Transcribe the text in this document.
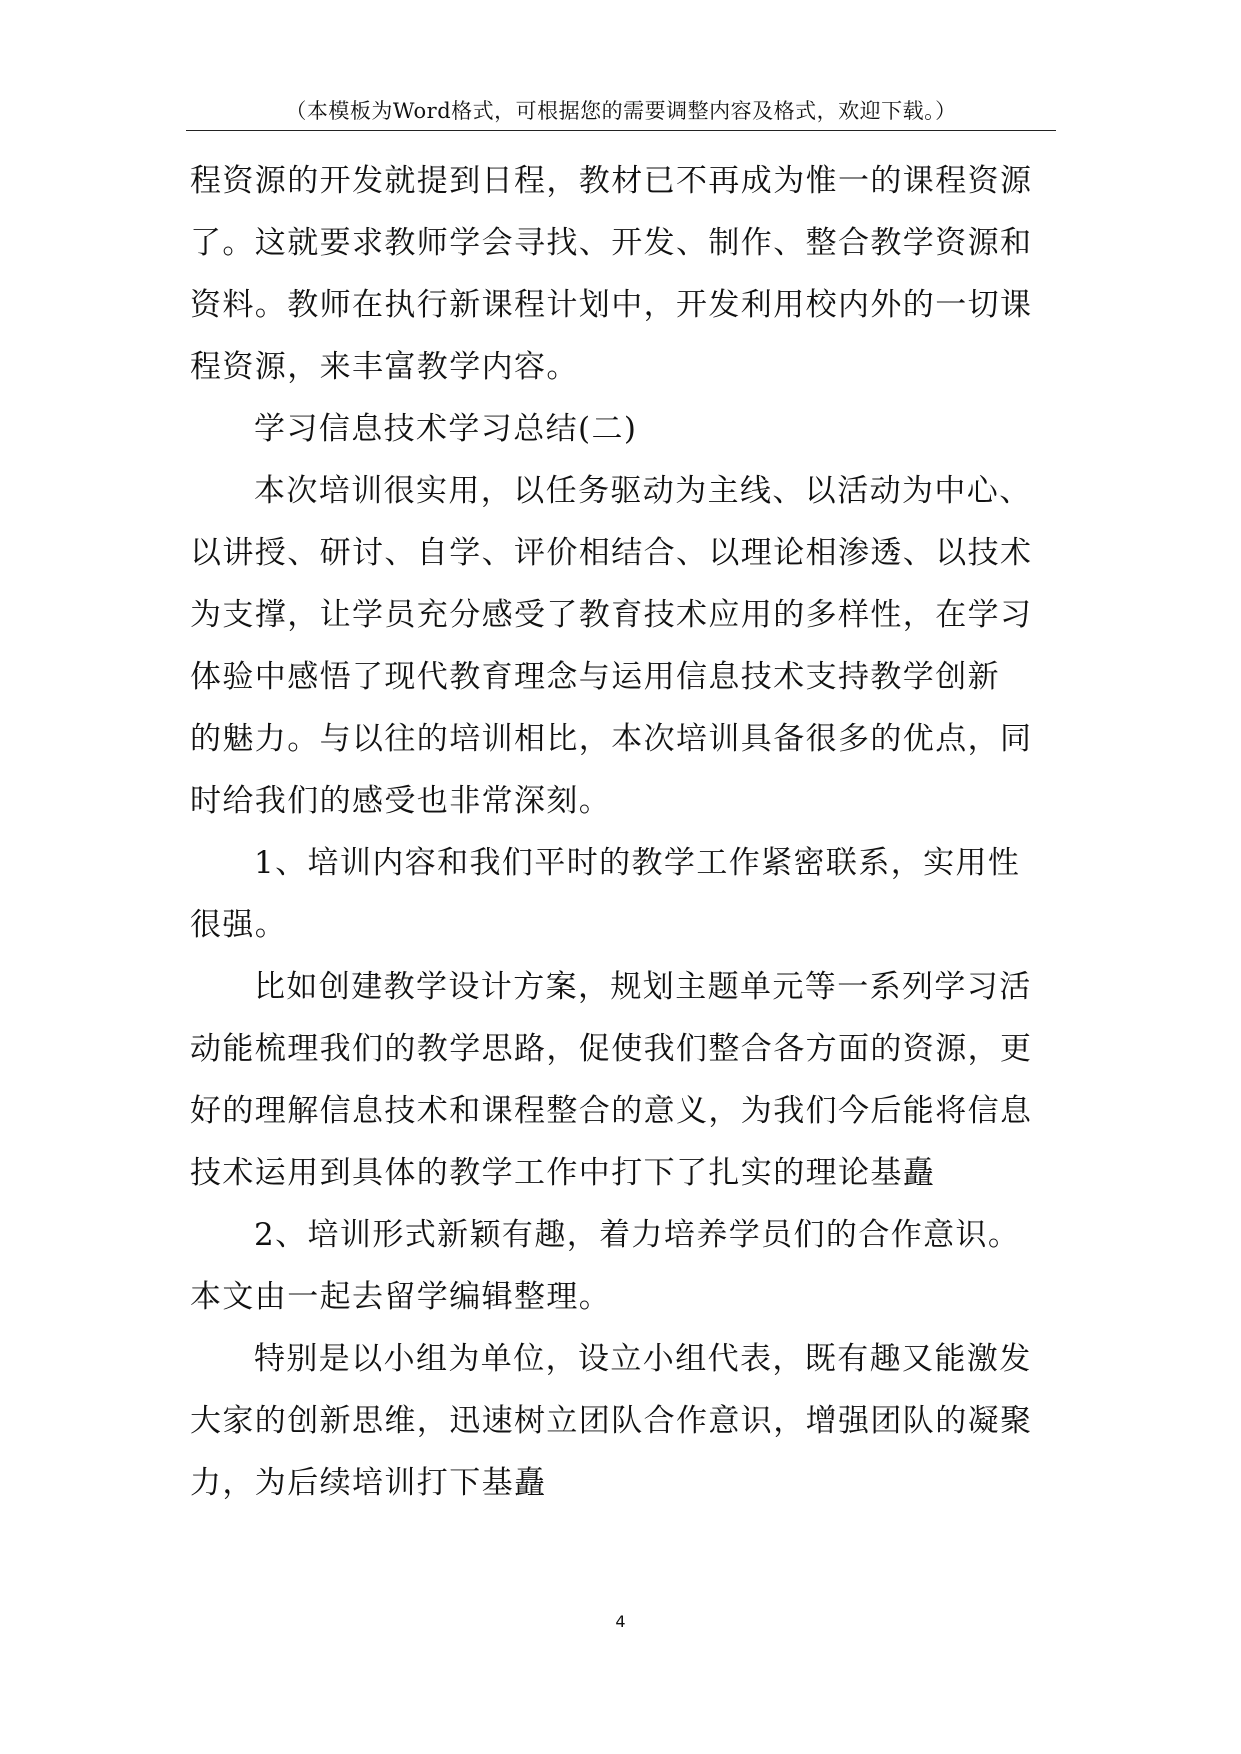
（本模板为Word格式，可根据您的需要调整内容及格式，欢迎下载。）
程资源的开发就提到日程，教材已不再成为惟一的课程资源
了。这就要求教师学会寻找、开发、制作、整合教学资源和
资料。教师在执行新课程计划中，开发利用校内外的一切课
程资源，来丰富教学内容。
学习信息技术学习总结(二)
本次培训很实用，以任务驱动为主线、以活动为中心、
以讲授、研讨、自学、评价相结合、以理论相渗透、以技术
为支撑，让学员充分感受了教育技术应用的多样性，在学习
体验中感悟了现代教育理念与运用信息技术支持教学创新
的魅力。与以往的培训相比，本次培训具备很多的优点，同
时给我们的感受也非常深刻。
1、培训内容和我们平时的教学工作紧密联系，实用性
很强。
比如创建教学设计方案，规划主题单元等一系列学习活
动能梳理我们的教学思路，促使我们整合各方面的资源，更
好的理解信息技术和课程整合的意义，为我们今后能将信息
技术运用到具体的教学工作中打下了扎实的理论基矗
2、培训形式新颖有趣，着力培养学员们的合作意识。
本文由一起去留学编辑整理。
特别是以小组为单位，设立小组代表，既有趣又能激发
大家的创新思维，迅速树立团队合作意识，增强团队的凝聚
力，为后续培训打下基矗
4
